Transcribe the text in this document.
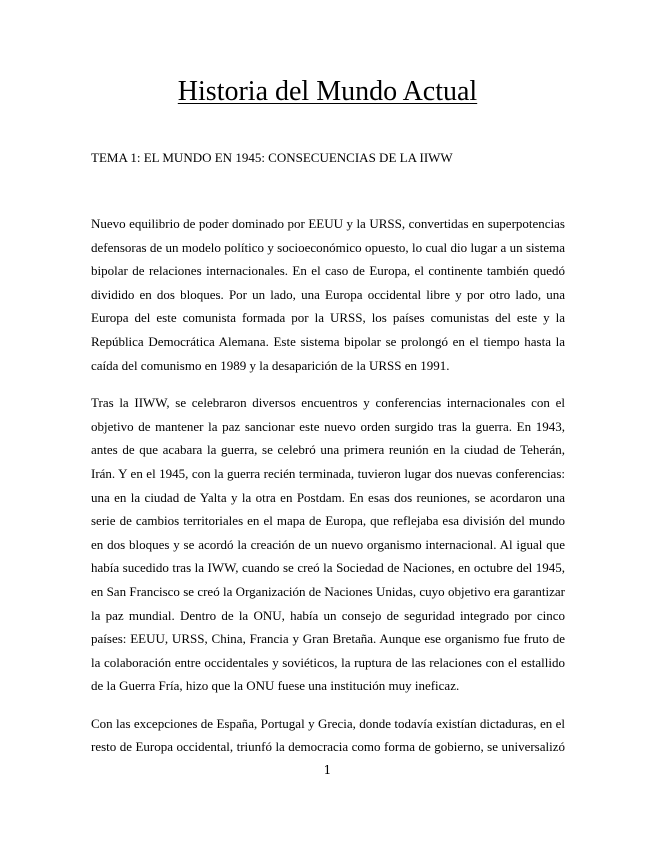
Historia del Mundo Actual

TEMA 1: EL MUNDO EN 1945: CONSECUENCIAS DE LA IIWW

Nuevo equilibrio de poder dominado por EEUU y la URSS, convertidas en superpotencias defensoras de un modelo político y socioeconómico opuesto, lo cual dio lugar a un sistema bipolar de relaciones internacionales. En el caso de Europa, el continente también quedó dividido en dos bloques. Por un lado, una Europa occidental libre y por otro lado, una Europa del este comunista formada por la URSS, los países comunistas del este y la República Democrática Alemana. Este sistema bipolar se prolongó en el tiempo hasta la caída del comunismo en 1989 y la desaparición de la URSS en 1991.

Tras la IIWW, se celebraron diversos encuentros y conferencias internacionales con el objetivo de mantener la paz sancionar este nuevo orden surgido tras la guerra. En 1943, antes de que acabara la guerra, se celebró una primera reunión en la ciudad de Teherán, Irán. Y en el 1945, con la guerra recién terminada, tuvieron lugar dos nuevas conferencias: una en la ciudad de Yalta y la otra en Postdam. En esas dos reuniones, se acordaron una serie de cambios territoriales en el mapa de Europa, que reflejaba esa división del mundo en dos bloques y se acordó la creación de un nuevo organismo internacional. Al igual que había sucedido tras la IWW, cuando se creó la Sociedad de Naciones, en octubre del 1945, en San Francisco se creó la Organización de Naciones Unidas, cuyo objetivo era garantizar la paz mundial. Dentro de la ONU, había un consejo de seguridad integrado por cinco países: EEUU, URSS, China, Francia y Gran Bretaña. Aunque ese organismo fue fruto de la colaboración entre occidentales y soviéticos, la ruptura de las relaciones con el estallido de la Guerra Fría, hizo que la ONU fuese una institución muy ineficaz.

Con las excepciones de España, Portugal y Grecia, donde todavía existían dictaduras, en el resto de Europa occidental, triunfó la democracia como forma de gobierno, se universalizó

1
